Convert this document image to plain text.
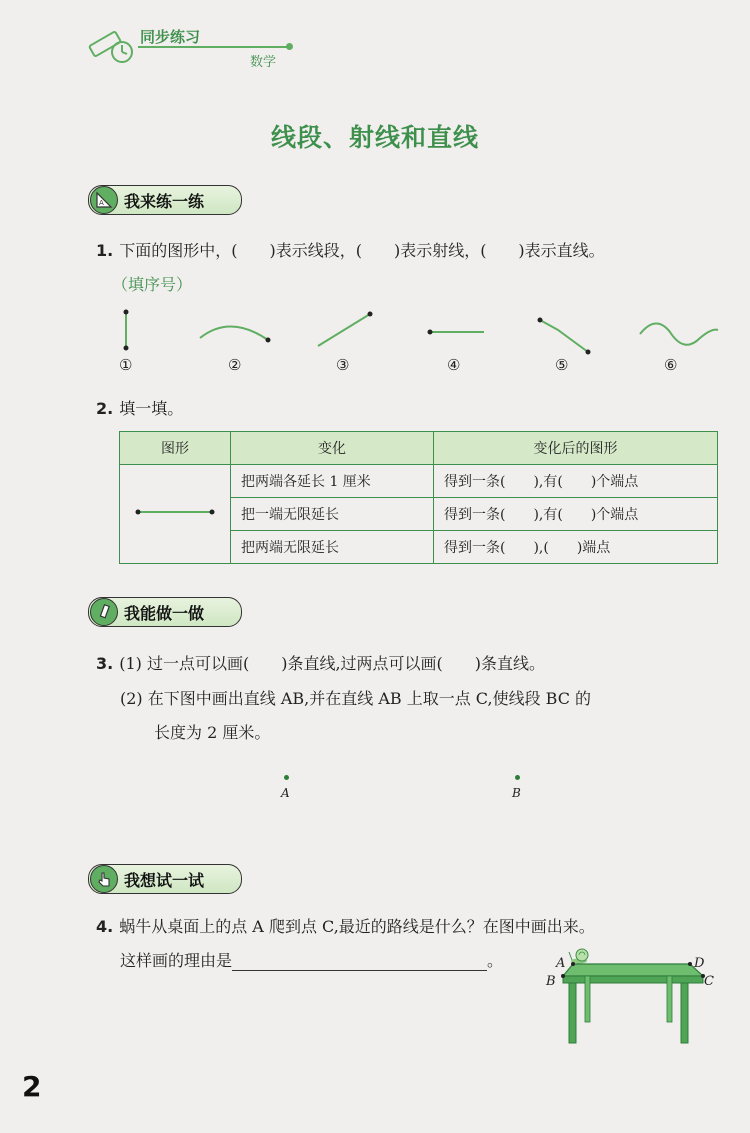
同步练习
数学
线段、射线和直线
A 我来练一练
1. 下面的图形中，(　　)表示线段，(　　)表示射线，(　　)表示直线。
（填序号）
①	②	③	④	⑤	⑥
2. 填一填。
图形	变化	变化后的图形
	把两端各延长 1 厘米	得到一条(　　),有(　　)个端点
	把一端无限延长	得到一条(　　),有(　　)个端点
	把两端无限延长	得到一条(　　),(　　)端点
我能做一做
3. (1) 过一点可以画(　　)条直线,过两点可以画(　　)条直线。
(2) 在下图中画出直线 AB,并在直线 AB 上取一点 C,使线段 BC 的
长度为 2 厘米。
A	B
我想试一试
4. 蜗牛从桌面上的点 A 爬到点 C,最近的路线是什么？在图中画出来。
这样画的理由是	。	A	D
B	C
2
